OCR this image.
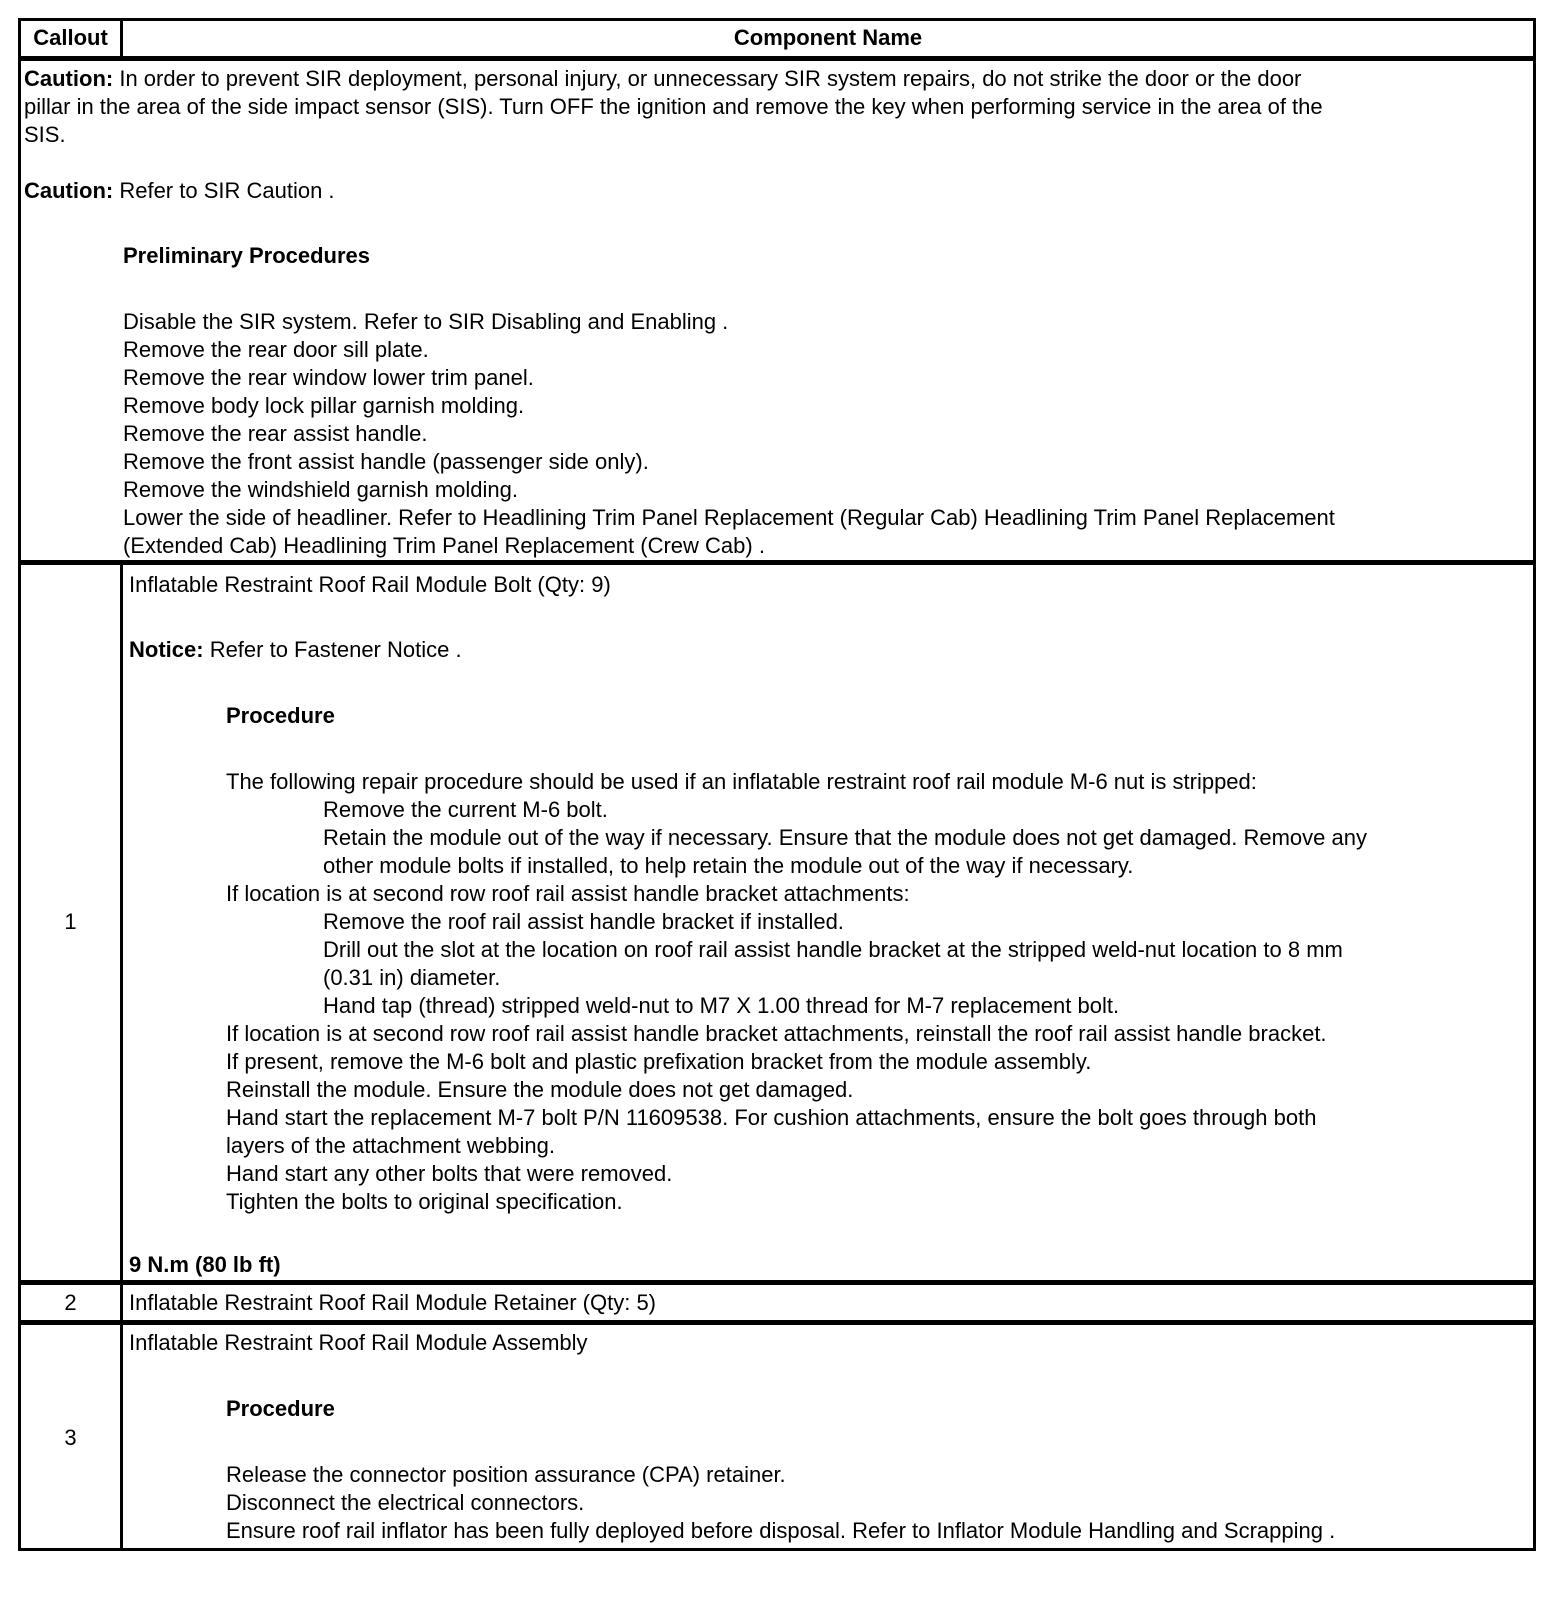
Callout	Component Name
Caution: In order to prevent SIR deployment, personal injury, or unnecessary SIR system repairs, do not strike the door or the door
pillar in the area of the side impact sensor (SIS). Turn OFF the ignition and remove the key when performing service in the area of the
SIS.
Caution: Refer to SIR Caution .
Preliminary Procedures
Disable the SIR system. Refer to SIR Disabling and Enabling .
Remove the rear door sill plate.
Remove the rear window lower trim panel.
Remove body lock pillar garnish molding.
Remove the rear assist handle.
Remove the front assist handle (passenger side only).
Remove the windshield garnish molding.
Lower the side of headliner. Refer to Headlining Trim Panel Replacement (Regular Cab) Headlining Trim Panel Replacement
(Extended Cab) Headlining Trim Panel Replacement (Crew Cab) .
1
Inflatable Restraint Roof Rail Module Bolt (Qty: 9)
Notice: Refer to Fastener Notice .
Procedure
The following repair procedure should be used if an inflatable restraint roof rail module M-6 nut is stripped:
Remove the current M-6 bolt.
Retain the module out of the way if necessary. Ensure that the module does not get damaged. Remove any
other module bolts if installed, to help retain the module out of the way if necessary.
If location is at second row roof rail assist handle bracket attachments:
Remove the roof rail assist handle bracket if installed.
Drill out the slot at the location on roof rail assist handle bracket at the stripped weld-nut location to 8 mm
(0.31 in) diameter.
Hand tap (thread) stripped weld-nut to M7 X 1.00 thread for M-7 replacement bolt.
If location is at second row roof rail assist handle bracket attachments, reinstall the roof rail assist handle bracket.
If present, remove the M-6 bolt and plastic prefixation bracket from the module assembly.
Reinstall the module. Ensure the module does not get damaged.
Hand start the replacement M-7 bolt P/N 11609538. For cushion attachments, ensure the bolt goes through both
layers of the attachment webbing.
Hand start any other bolts that were removed.
Tighten the bolts to original specification.
9 N.m (80 lb ft)
2	Inflatable Restraint Roof Rail Module Retainer (Qty: 5)
3
Inflatable Restraint Roof Rail Module Assembly
Procedure
Release the connector position assurance (CPA) retainer.
Disconnect the electrical connectors.
Ensure roof rail inflator has been fully deployed before disposal. Refer to Inflator Module Handling and Scrapping .
